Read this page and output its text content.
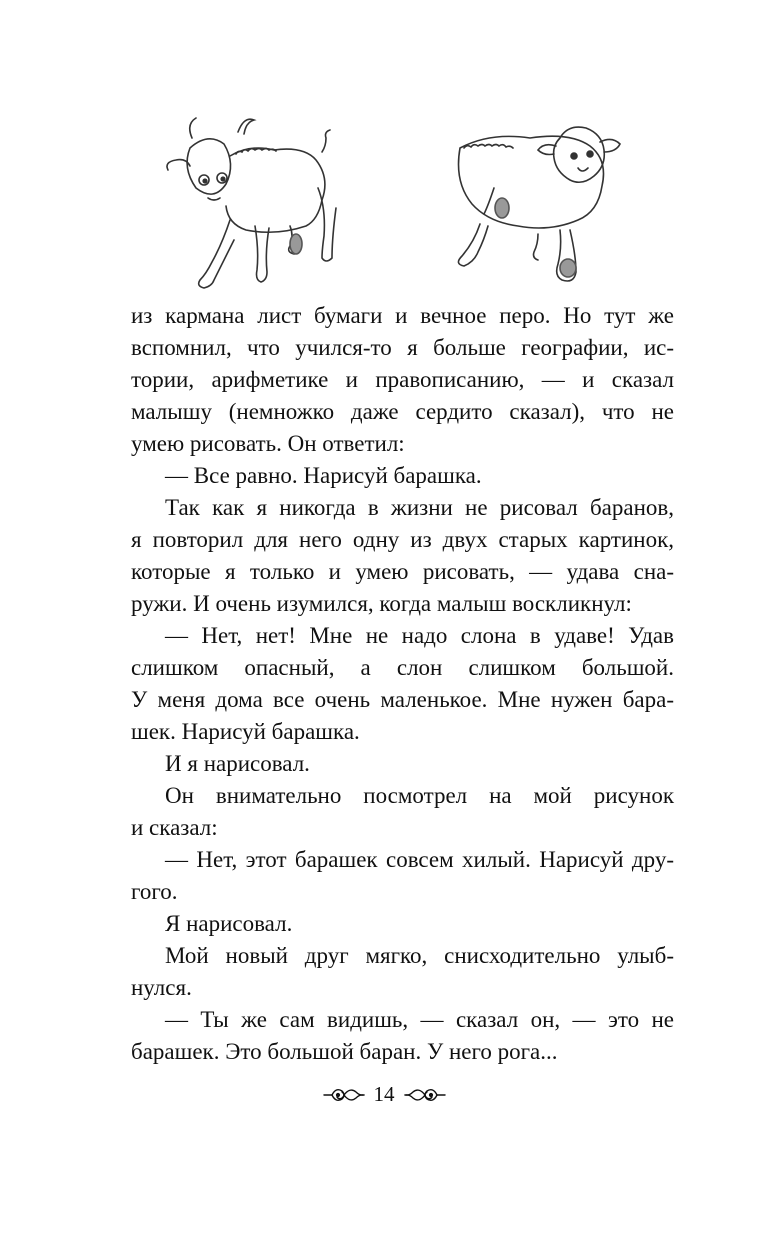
из кармана лист бумаги и вечное перо. Но тут же
вспомнил, что учился-то я больше географии, ис-
тории, арифметике и правописанию, — и сказал
малышу (немножко даже сердито сказал), что не
умею рисовать. Он ответил:
— Все равно. Нарисуй барашка.
Так как я никогда в жизни не рисовал баранов,
я повторил для него одну из двух старых картинок,
которые я только и умею рисовать, — удава сна-
ружи. И очень изумился, когда малыш воскликнул:
— Нет, нет! Мне не надо слона в удаве! Удав
слишком опасный, а слон слишком большой.
У меня дома все очень маленькое. Мне нужен бара-
шек. Нарисуй барашка.
И я нарисовал.
Он внимательно посмотрел на мой рисунок
и сказал:
— Нет, этот барашек совсем хилый. Нарисуй дру-
гого.
Я нарисовал.
Мой новый друг мягко, снисходительно улыб-
нулся.
— Ты же сам видишь, — сказал он, — это не
барашек. Это большой баран. У него рога...
14
